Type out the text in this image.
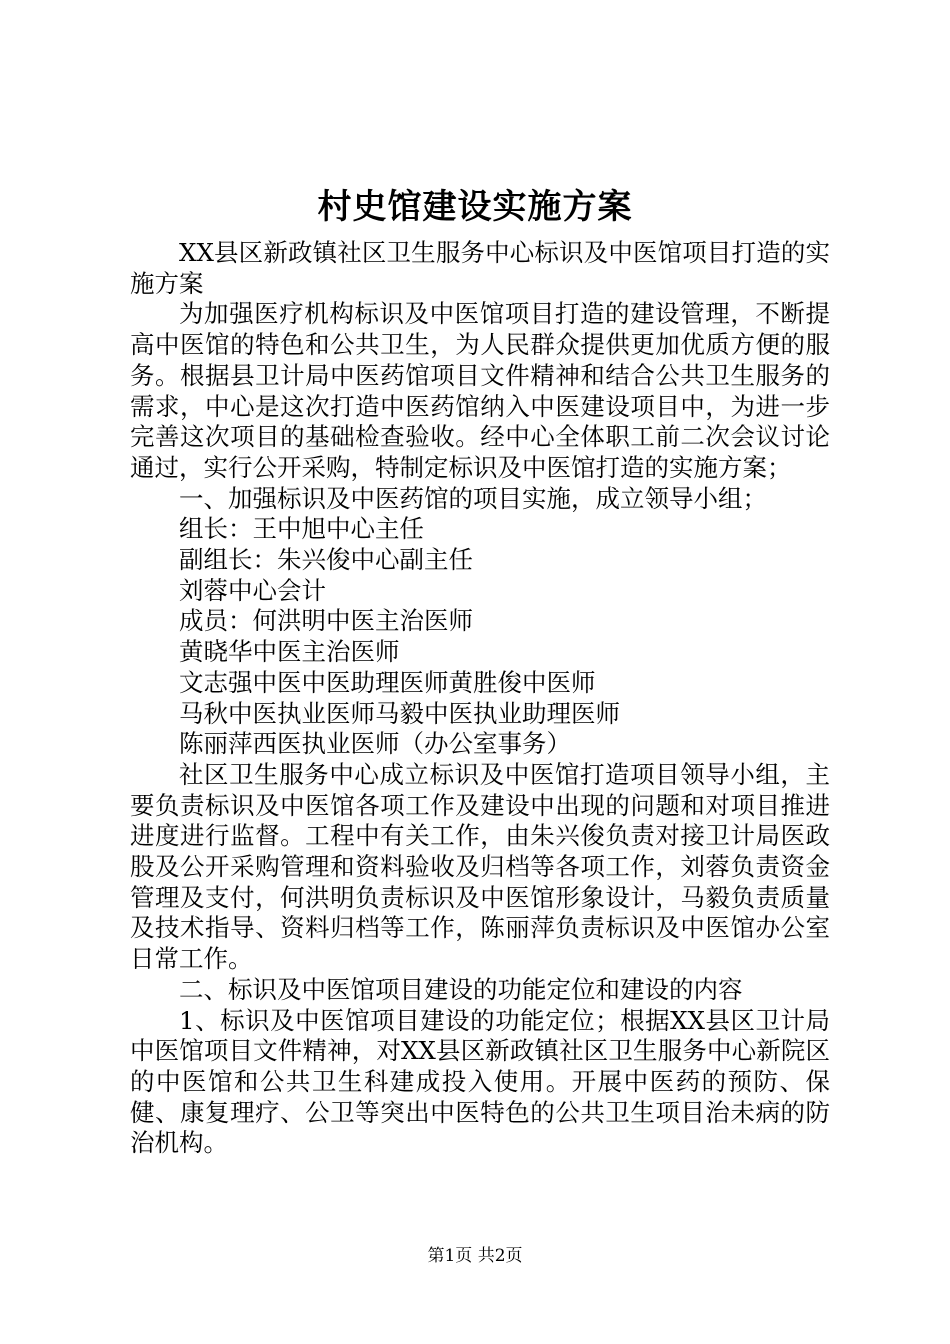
村史馆建设实施方案

XX县区新政镇社区卫生服务中心标识及中医馆项目打造的实施方案

为加强医疗机构标识及中医馆项目打造的建设管理，不断提高中医馆的特色和公共卫生，为人民群众提供更加优质方便的服务。根据县卫计局中医药馆项目文件精神和结合公共卫生服务的需求，中心是这次打造中医药馆纳入中医建设项目中，为进一步完善这次项目的基础检查验收。经中心全体职工前二次会议讨论通过，实行公开采购，特制定标识及中医馆打造的实施方案；

一、加强标识及中医药馆的项目实施，成立领导小组；

组长：王中旭中心主任

副组长：朱兴俊中心副主任

刘蓉中心会计

成员：何洪明中医主治医师

黄晓华中医主治医师

文志强中医中医助理医师黄胜俊中医师

马秋中医执业医师马毅中医执业助理医师

陈丽萍西医执业医师（办公室事务）

社区卫生服务中心成立标识及中医馆打造项目领导小组，主要负责标识及中医馆各项工作及建设中出现的问题和对项目推进进度进行监督。工程中有关工作，由朱兴俊负责对接卫计局医政股及公开采购管理和资料验收及归档等各项工作，刘蓉负责资金管理及支付，何洪明负责标识及中医馆形象设计，马毅负责质量及技术指导、资料归档等工作，陈丽萍负责标识及中医馆办公室日常工作。

二、标识及中医馆项目建设的功能定位和建设的内容

1、标识及中医馆项目建设的功能定位；根据XX县区卫计局中医馆项目文件精神，对XX县区新政镇社区卫生服务中心新院区的中医馆和公共卫生科建成投入使用。开展中医药的预防、保健、康复理疗、公卫等突出中医特色的公共卫生项目治未病的防治机构。

第1页 共2页
